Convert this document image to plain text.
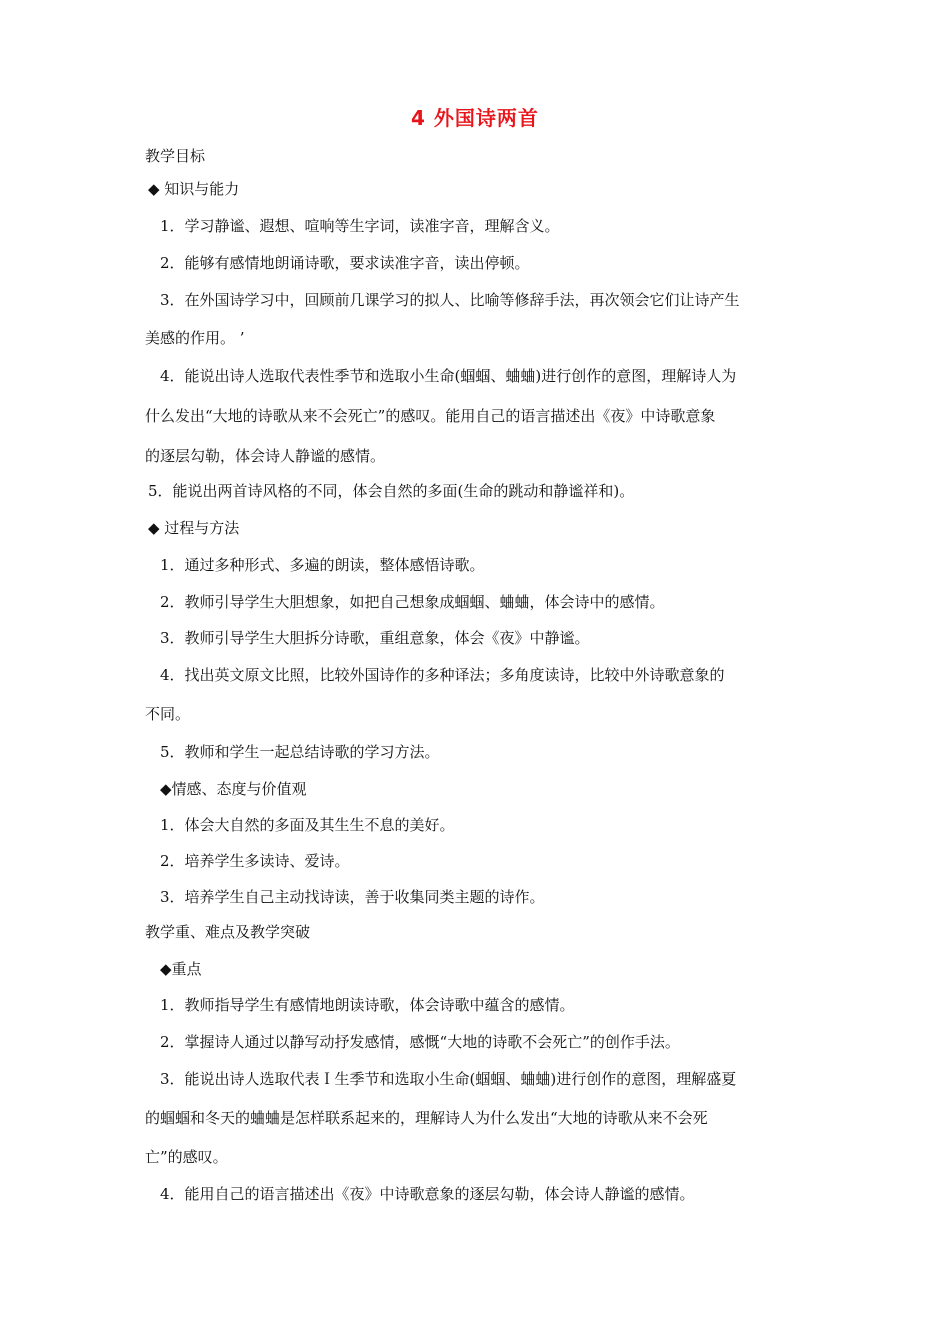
4 外国诗两首
教学目标
◆ 知识与能力
1．学习静谧、遐想、喧响等生字词，读准字音，理解含义。
2．能够有感情地朗诵诗歌，要求读准字音，读出停顿。
3．在外国诗学习中，回顾前几课学习的拟人、比喻等修辞手法，再次领会它们让诗产生
美感的作用。 ’
4．能说出诗人选取代表性季节和选取小生命(蝈蝈、蛐蛐)进行创作的意图，理解诗人为
什么发出“大地的诗歌从来不会死亡”的感叹。能用自己的语言描述出《夜》中诗歌意象
的逐层勾勒，体会诗人静谧的感情。
5．能说出两首诗风格的不同，体会自然的多面(生命的跳动和静谧祥和)。
◆ 过程与方法
1．通过多种形式、多遍的朗读，整体感悟诗歌。
2．教师引导学生大胆想象，如把自己想象成蝈蝈、蛐蛐，体会诗中的感情。
3．教师引导学生大胆拆分诗歌，重组意象，体会《夜》中静谧。
4．找出英文原文比照，比较外国诗作的多种译法；多角度读诗，比较中外诗歌意象的
不同。
5．教师和学生一起总结诗歌的学习方法。
◆情感、态度与价值观
1．体会大自然的多面及其生生不息的美好。
2．培养学生多读诗、爱诗。
3．培养学生自己主动找诗读，善于收集同类主题的诗作。
教学重、难点及教学突破
◆重点
1．教师指导学生有感情地朗读诗歌，体会诗歌中蕴含的感情。
2．掌握诗人通过以静写动抒发感情，感慨“大地的诗歌不会死亡”的创作手法。
3．能说出诗人选取代表Ｉ生季节和选取小生命(蝈蝈、蛐蛐)进行创作的意图，理解盛夏
的蝈蝈和冬天的蛐蛐是怎样联系起来的，理解诗人为什么发出“大地的诗歌从来不会死
亡”的感叹。
4．能用自己的语言描述出《夜》中诗歌意象的逐层勾勒，体会诗人静谧的感情。
